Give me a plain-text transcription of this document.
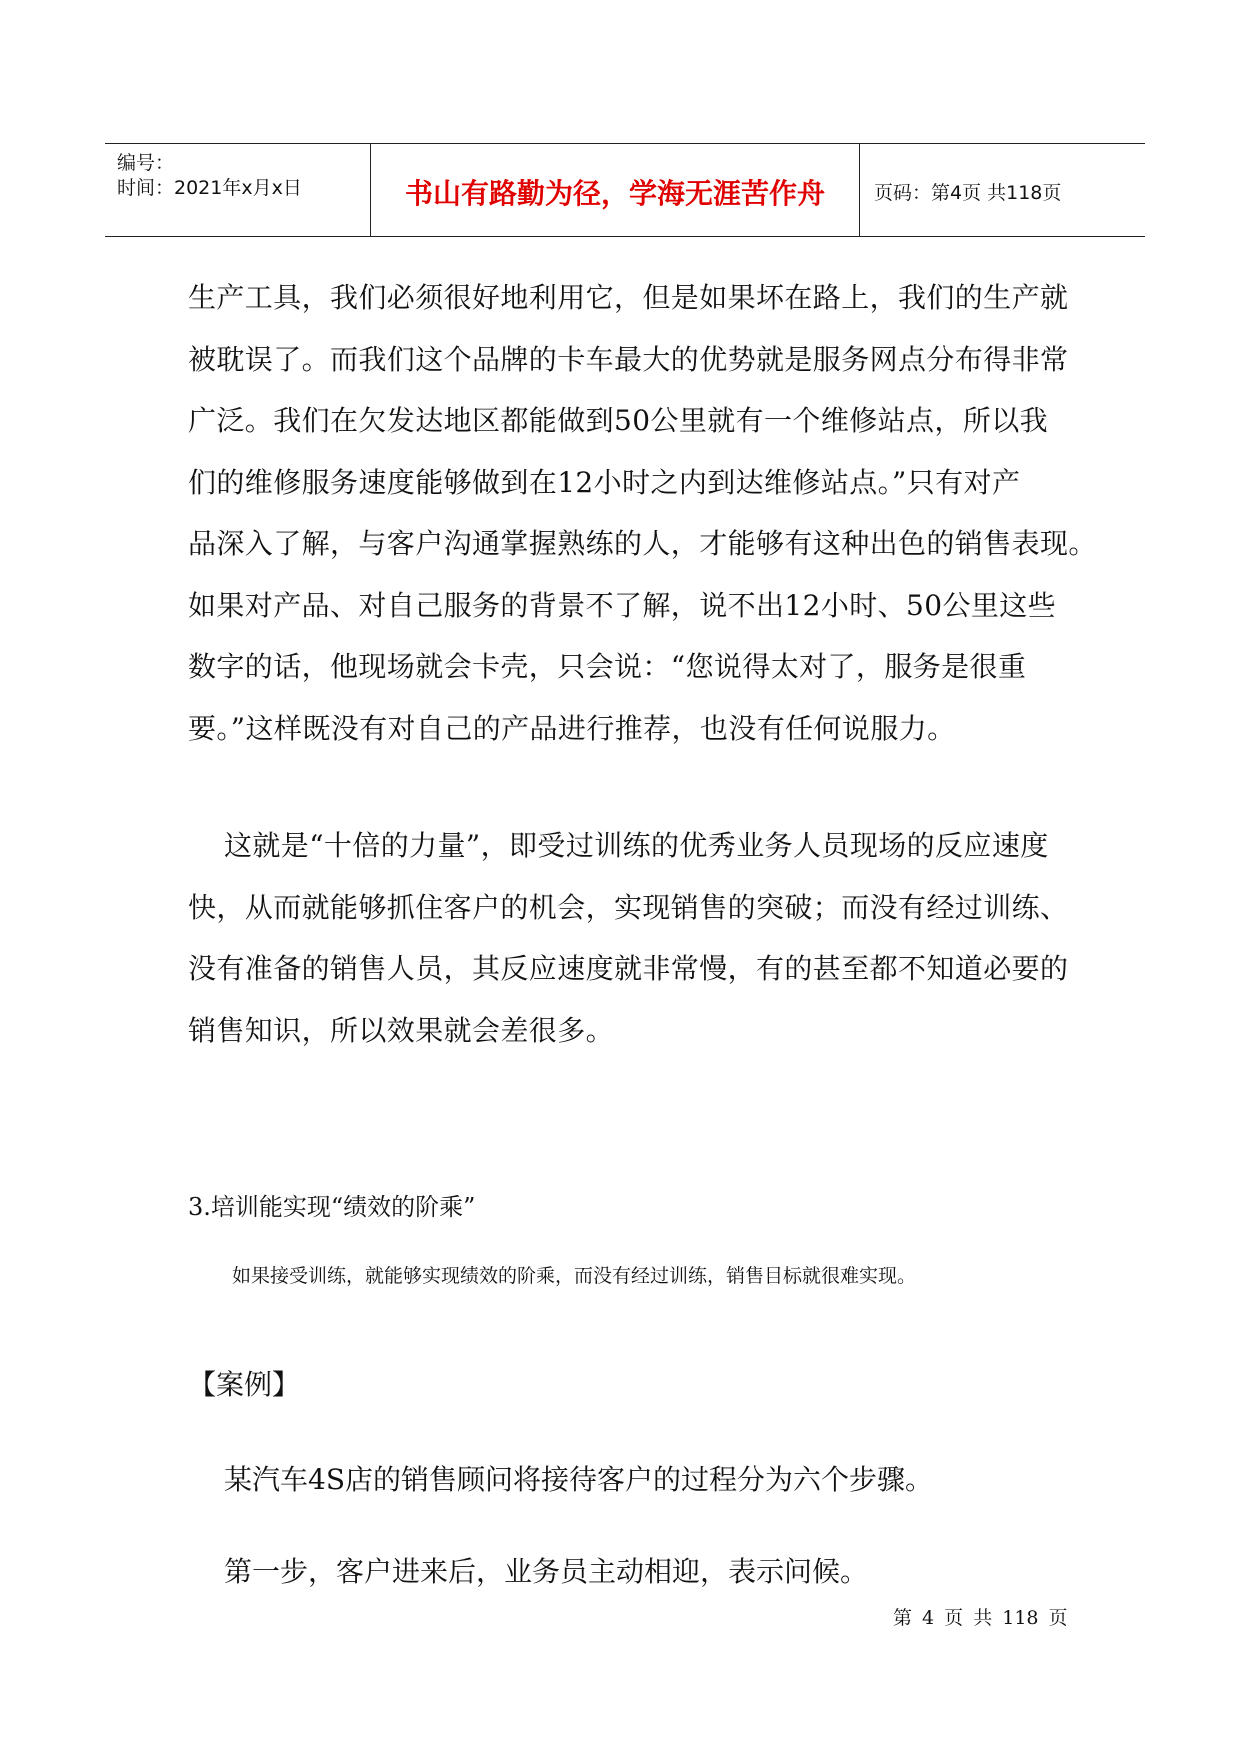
编号：
时间：2021年x月x日	书山有路勤为径，学海无涯苦作舟	页码：第4页 共118页
生产工具，我们必须很好地利用它，但是如果坏在路上，我们的生产就
被耽误了。而我们这个品牌的卡车最大的优势就是服务网点分布得非常
广泛。我们在欠发达地区都能做到50公里就有一个维修站点，所以我
们的维修服务速度能够做到在12小时之内到达维修站点。”只有对产
品深入了解，与客户沟通掌握熟练的人，才能够有这种出色的销售表现。
如果对产品、对自己服务的背景不了解，说不出12小时、50公里这些
数字的话，他现场就会卡壳，只会说：“您说得太对了，服务是很重
要。”这样既没有对自己的产品进行推荐，也没有任何说服力。
这就是“十倍的力量”，即受过训练的优秀业务人员现场的反应速度
快，从而就能够抓住客户的机会，实现销售的突破；而没有经过训练、
没有准备的销售人员，其反应速度就非常慢，有的甚至都不知道必要的
销售知识，所以效果就会差很多。
3.培训能实现“绩效的阶乘”
如果接受训练，就能够实现绩效的阶乘，而没有经过训练，销售目标就很难实现。
【案例】
某汽车4S店的销售顾问将接待客户的过程分为六个步骤。
第一步，客户进来后，业务员主动相迎，表示问候。
第 4 页 共 118 页
